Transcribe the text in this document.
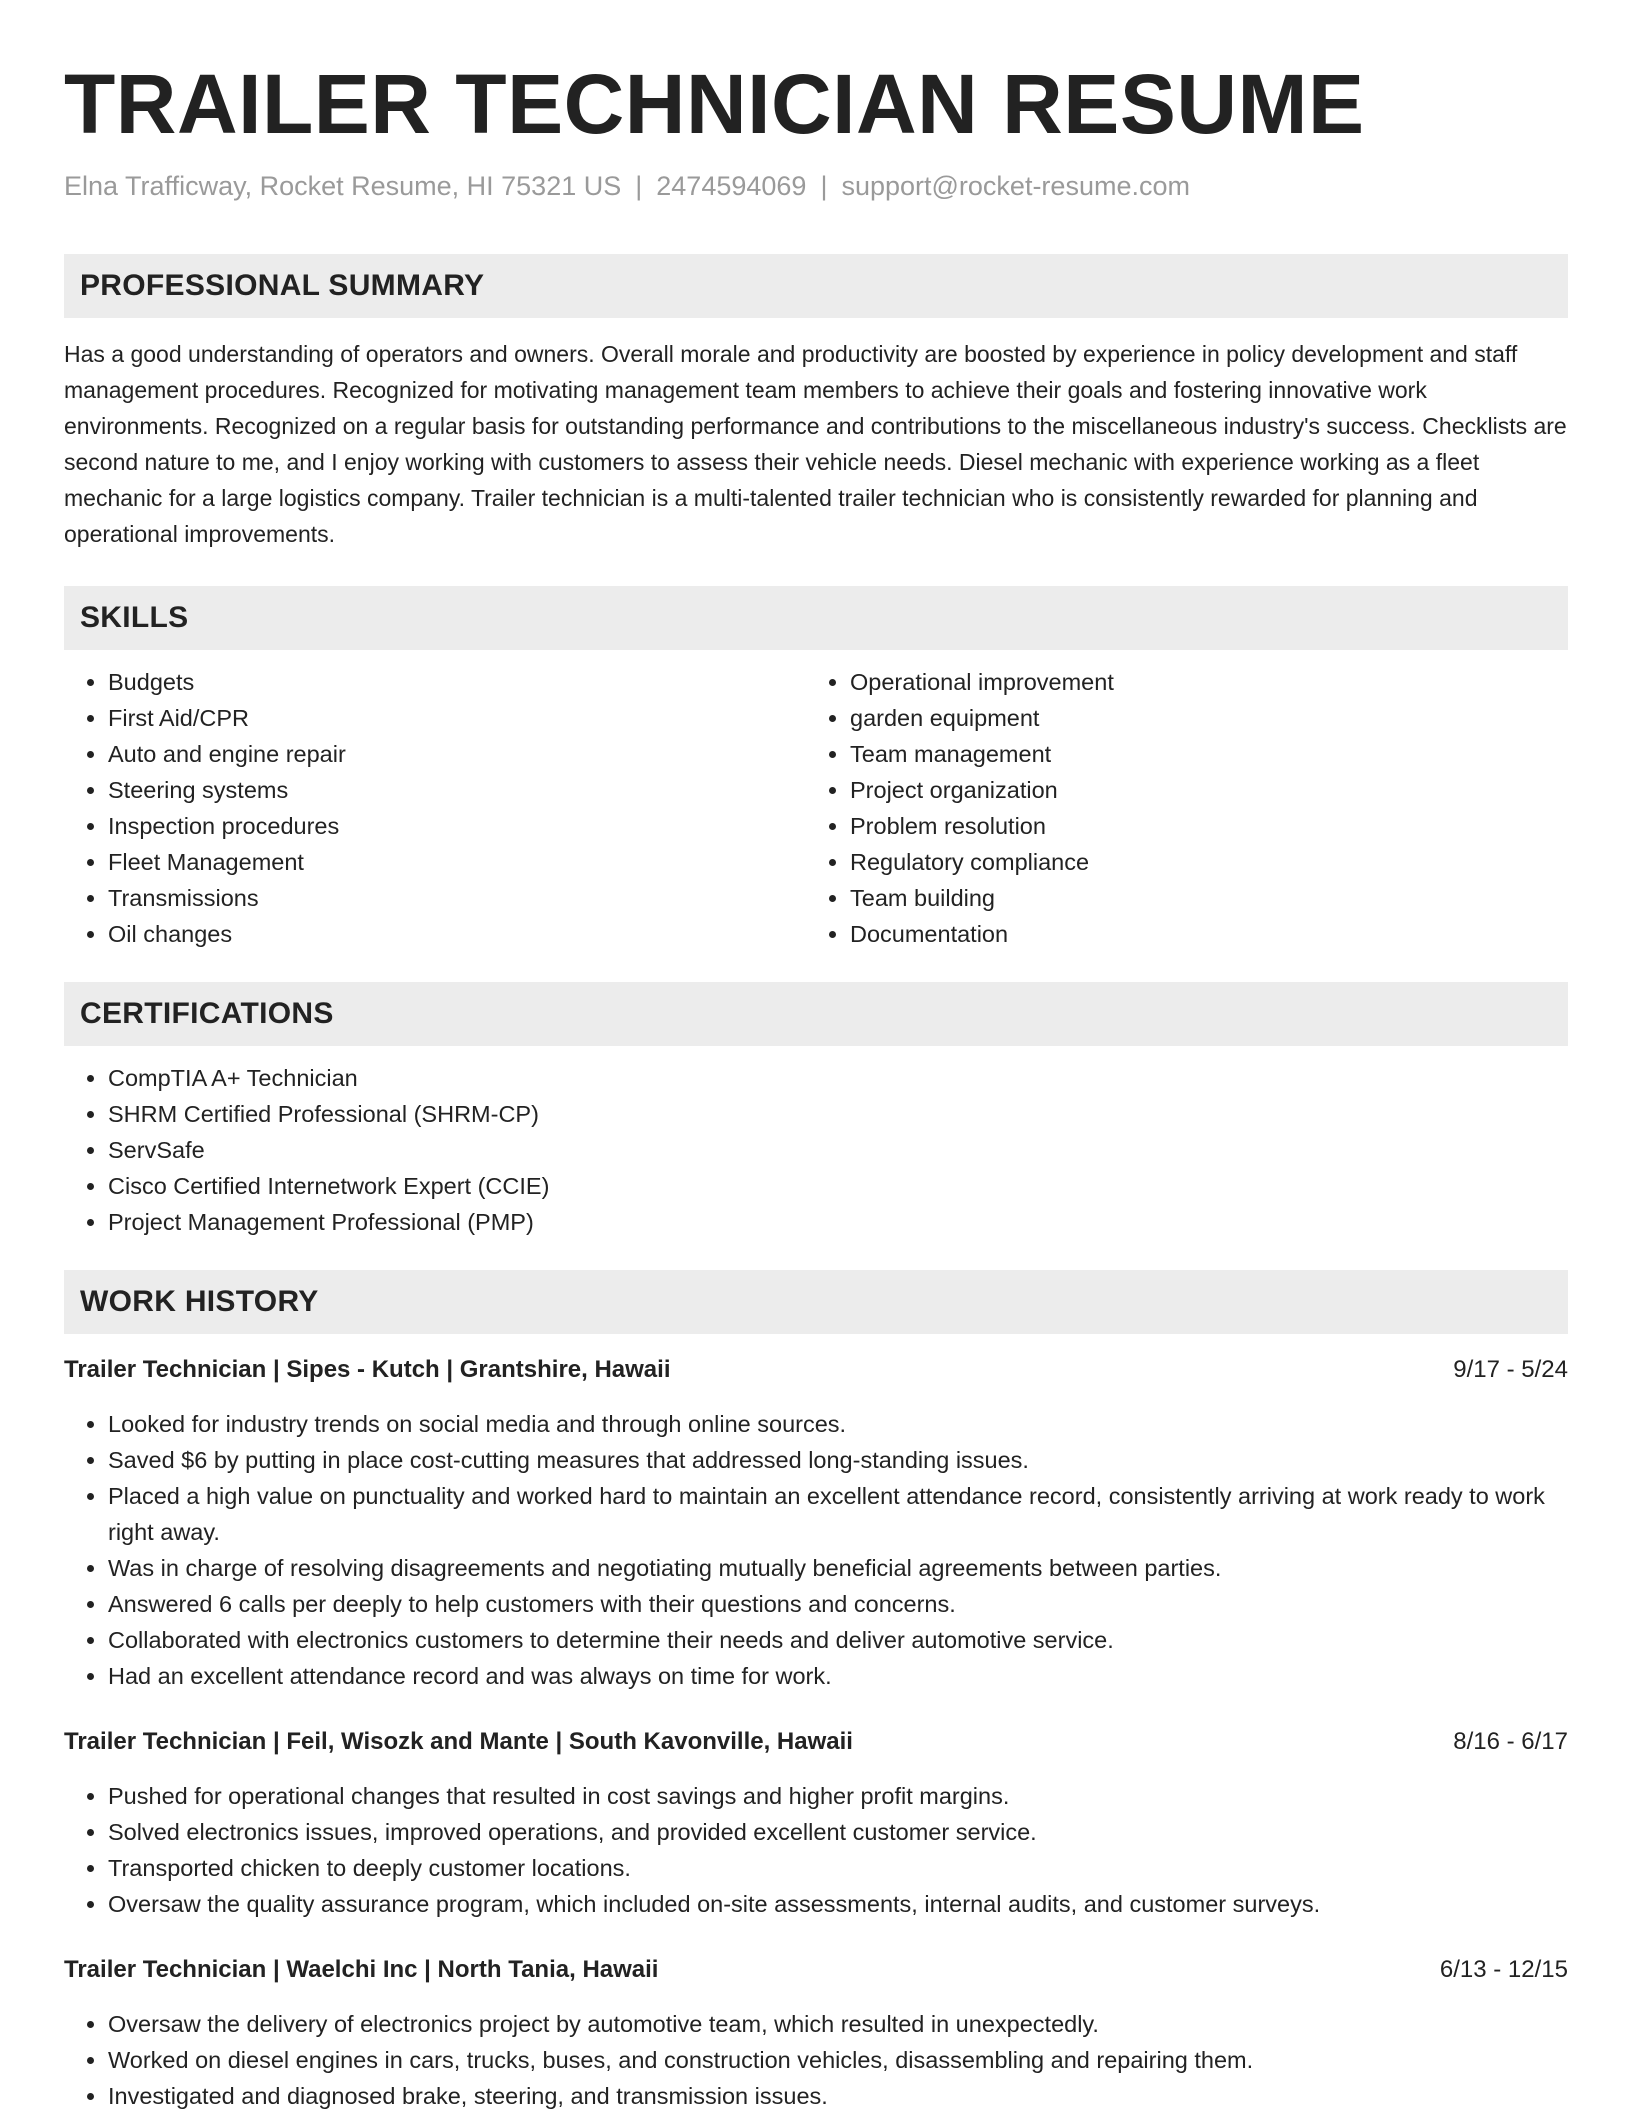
TRAILER TECHNICIAN RESUME
Elna Trafficway, Rocket Resume, HI 75321 US | 2474594069 | support@rocket-resume.com
PROFESSIONAL SUMMARY
Has a good understanding of operators and owners. Overall morale and productivity are boosted by experience in policy development and staff management procedures. Recognized for motivating management team members to achieve their goals and fostering innovative work environments. Recognized on a regular basis for outstanding performance and contributions to the miscellaneous industry's success. Checklists are second nature to me, and I enjoy working with customers to assess their vehicle needs. Diesel mechanic with experience working as a fleet mechanic for a large logistics company. Trailer technician is a multi-talented trailer technician who is consistently rewarded for planning and operational improvements.
SKILLS
• Budgets
• First Aid/CPR
• Auto and engine repair
• Steering systems
• Inspection procedures
• Fleet Management
• Transmissions
• Oil changes
• Operational improvement
• garden equipment
• Team management
• Project organization
• Problem resolution
• Regulatory compliance
• Team building
• Documentation
CERTIFICATIONS
• CompTIA A+ Technician
• SHRM Certified Professional (SHRM-CP)
• ServSafe
• Cisco Certified Internetwork Expert (CCIE)
• Project Management Professional (PMP)
WORK HISTORY
Trailer Technician | Sipes - Kutch | Grantshire, Hawaii	9/17 - 5/24
• Looked for industry trends on social media and through online sources.
• Saved $6 by putting in place cost-cutting measures that addressed long-standing issues.
• Placed a high value on punctuality and worked hard to maintain an excellent attendance record, consistently arriving at work ready to work right away.
• Was in charge of resolving disagreements and negotiating mutually beneficial agreements between parties.
• Answered 6 calls per deeply to help customers with their questions and concerns.
• Collaborated with electronics customers to determine their needs and deliver automotive service.
• Had an excellent attendance record and was always on time for work.
Trailer Technician | Feil, Wisozk and Mante | South Kavonville, Hawaii	8/16 - 6/17
• Pushed for operational changes that resulted in cost savings and higher profit margins.
• Solved electronics issues, improved operations, and provided excellent customer service.
• Transported chicken to deeply customer locations.
• Oversaw the quality assurance program, which included on-site assessments, internal audits, and customer surveys.
Trailer Technician | Waelchi Inc | North Tania, Hawaii	6/13 - 12/15
• Oversaw the delivery of electronics project by automotive team, which resulted in unexpectedly.
• Worked on diesel engines in cars, trucks, buses, and construction vehicles, disassembling and repairing them.
• Investigated and diagnosed brake, steering, and transmission issues.
